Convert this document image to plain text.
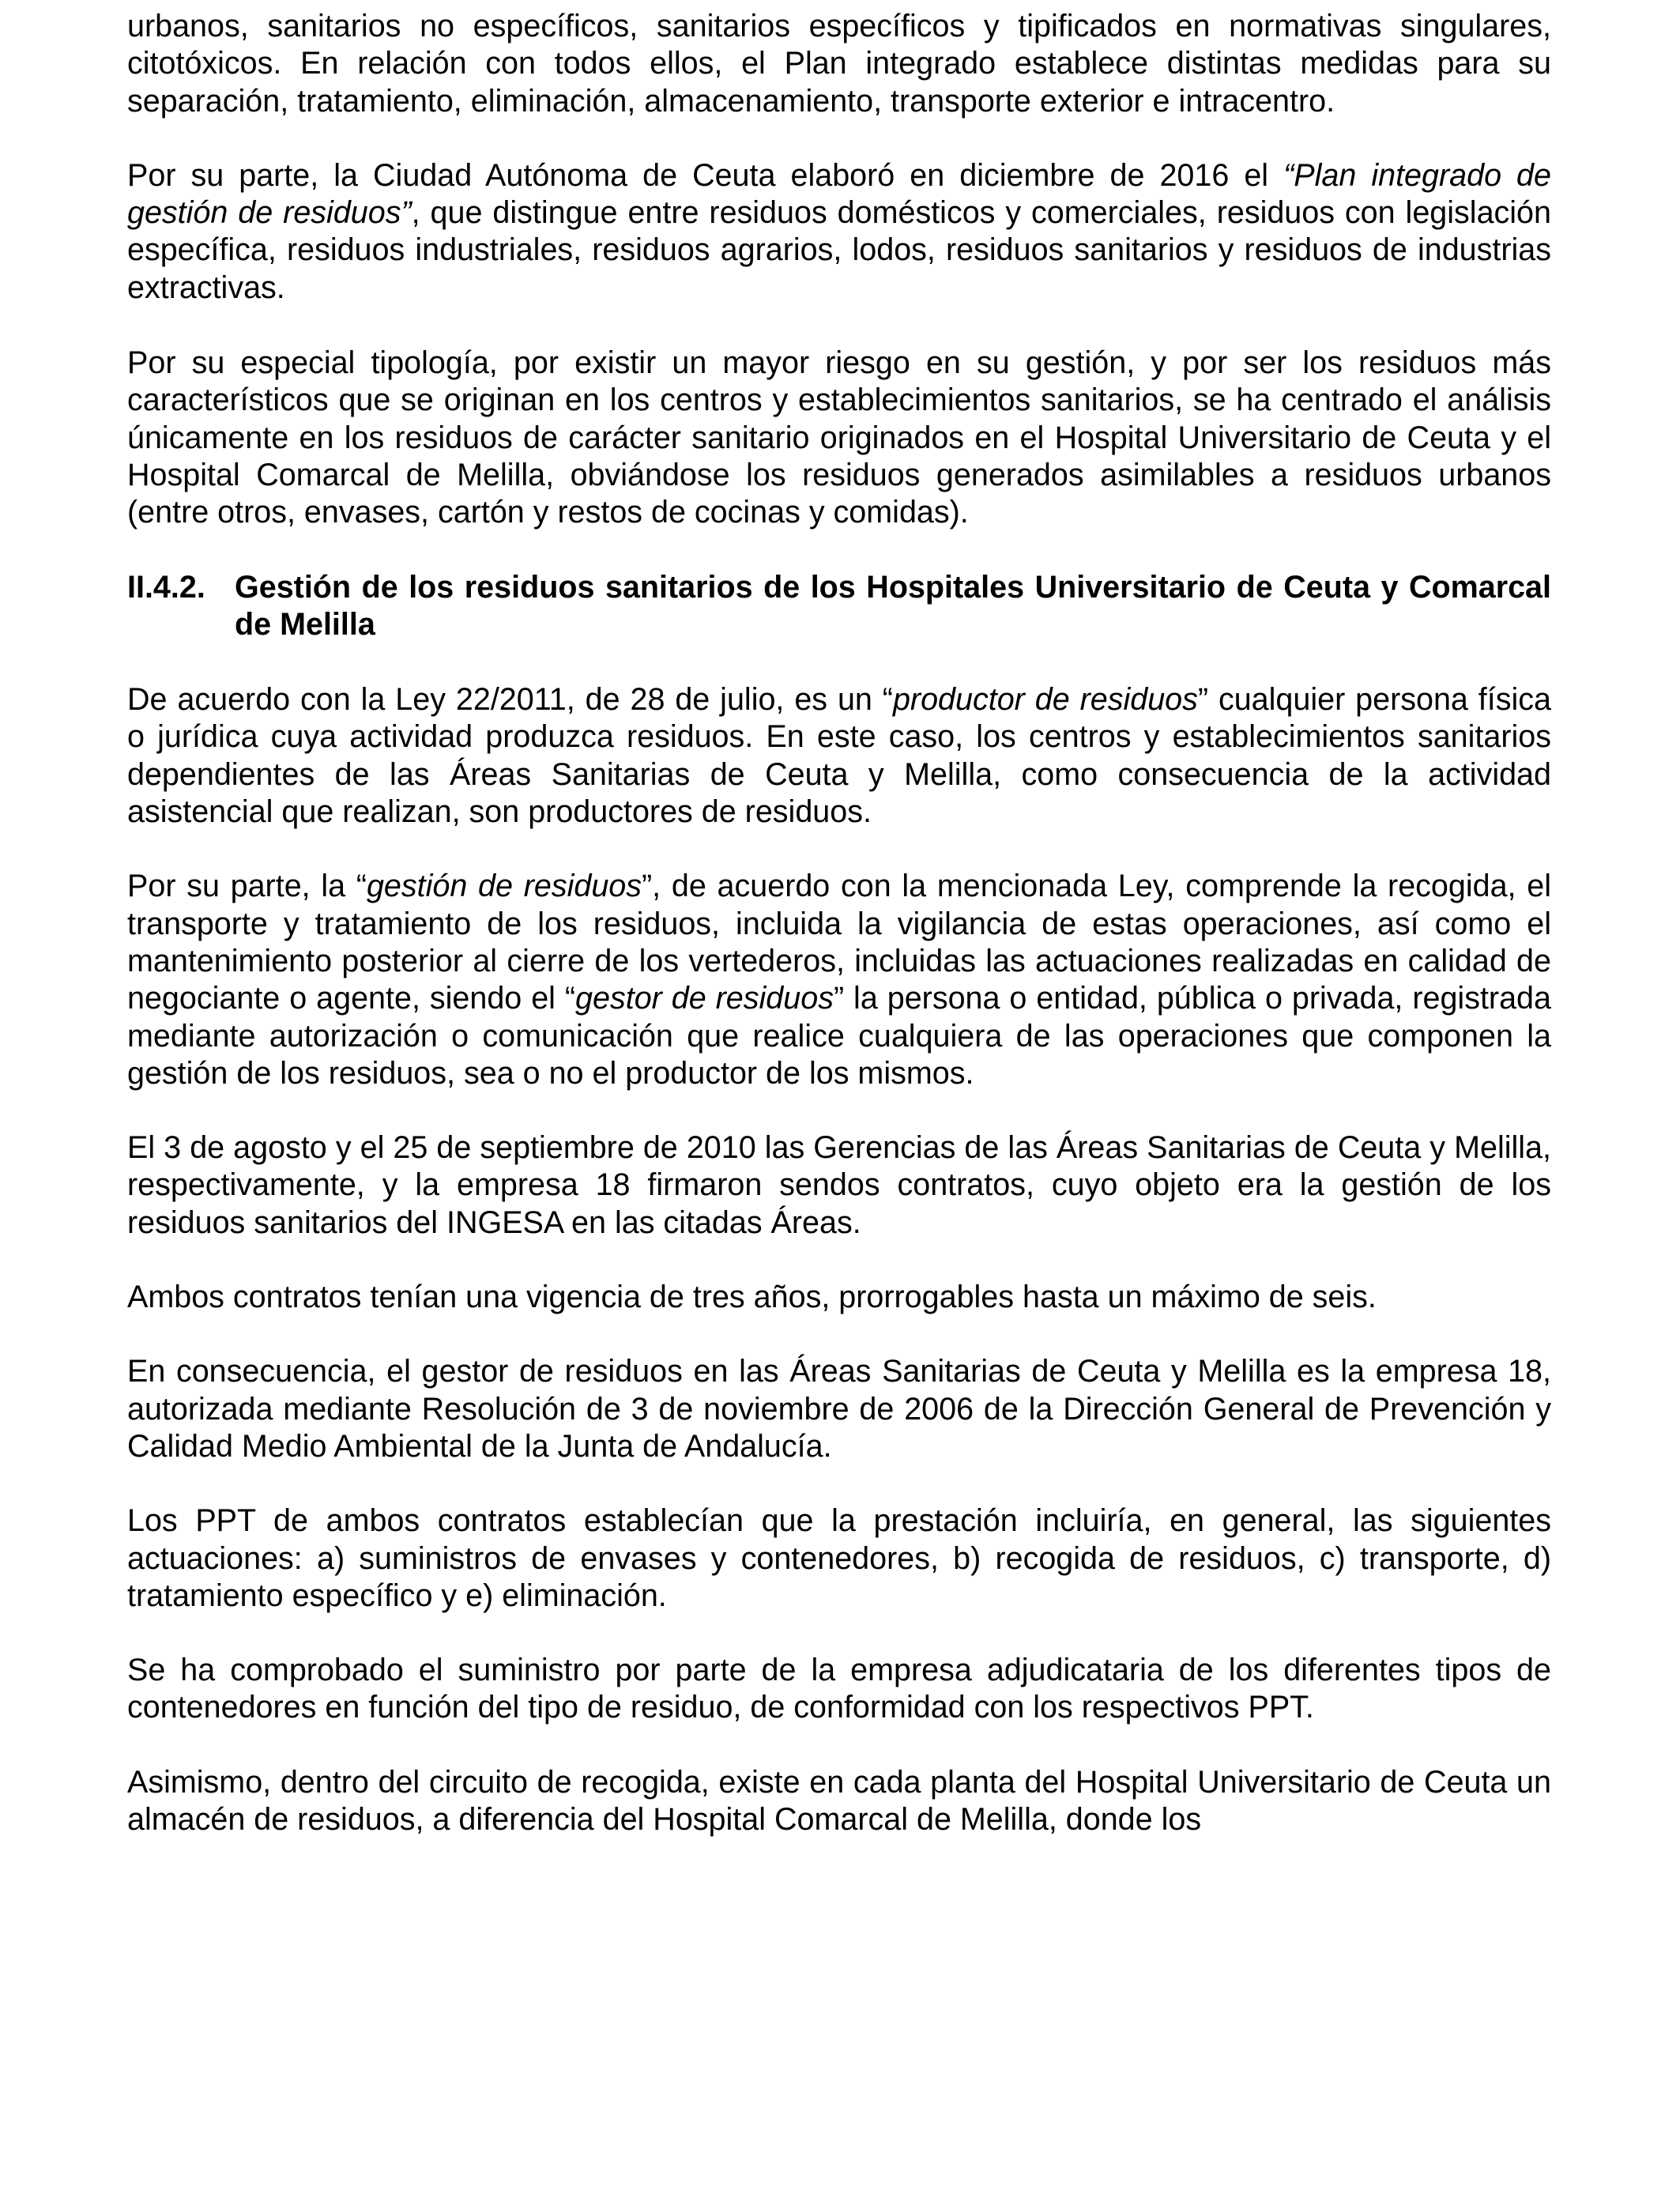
urbanos, sanitarios no específicos, sanitarios específicos y tipificados en normativas singulares, citotóxicos. En relación con todos ellos, el Plan integrado establece distintas medidas para su separación, tratamiento, eliminación, almacenamiento, transporte exterior e intracentro.

Por su parte, la Ciudad Autónoma de Ceuta elaboró en diciembre de 2016 el “Plan integrado de gestión de residuos”, que distingue entre residuos domésticos y comerciales, residuos con legislación específica, residuos industriales, residuos agrarios, lodos, residuos sanitarios y residuos de industrias extractivas.

Por su especial tipología, por existir un mayor riesgo en su gestión, y por ser los residuos más característicos que se originan en los centros y establecimientos sanitarios, se ha centrado el análisis únicamente en los residuos de carácter sanitario originados en el Hospital Universitario de Ceuta y el Hospital Comarcal de Melilla, obviándose los residuos generados asimilables a residuos urbanos (entre otros, envases, cartón y restos de cocinas y comidas).

II.4.2. Gestión de los residuos sanitarios de los Hospitales Universitario de Ceuta y Comarcal de Melilla

De acuerdo con la Ley 22/2011, de 28 de julio, es un “productor de residuos” cualquier persona física o jurídica cuya actividad produzca residuos. En este caso, los centros y establecimientos sanitarios dependientes de las Áreas Sanitarias de Ceuta y Melilla, como consecuencia de la actividad asistencial que realizan, son productores de residuos.

Por su parte, la “gestión de residuos”, de acuerdo con la mencionada Ley, comprende la recogida, el transporte y tratamiento de los residuos, incluida la vigilancia de estas operaciones, así como el mantenimiento posterior al cierre de los vertederos, incluidas las actuaciones realizadas en calidad de negociante o agente, siendo el “gestor de residuos” la persona o entidad, pública o privada, registrada mediante autorización o comunicación que realice cualquiera de las operaciones que componen la gestión de los residuos, sea o no el productor de los mismos.

El 3 de agosto y el 25 de septiembre de 2010 las Gerencias de las Áreas Sanitarias de Ceuta y Melilla, respectivamente, y la empresa 18 firmaron sendos contratos, cuyo objeto era la gestión de los residuos sanitarios del INGESA en las citadas Áreas.

Ambos contratos tenían una vigencia de tres años, prorrogables hasta un máximo de seis.

En consecuencia, el gestor de residuos en las Áreas Sanitarias de Ceuta y Melilla es la empresa 18, autorizada mediante Resolución de 3 de noviembre de 2006 de la Dirección General de Prevención y Calidad Medio Ambiental de la Junta de Andalucía.

Los PPT de ambos contratos establecían que la prestación incluiría, en general, las siguientes actuaciones: a) suministros de envases y contenedores, b) recogida de residuos, c) transporte, d) tratamiento específico y e) eliminación.

Se ha comprobado el suministro por parte de la empresa adjudicataria de los diferentes tipos de contenedores en función del tipo de residuo, de conformidad con los respectivos PPT.

Asimismo, dentro del circuito de recogida, existe en cada planta del Hospital Universitario de Ceuta un almacén de residuos, a diferencia del Hospital Comarcal de Melilla, donde los
